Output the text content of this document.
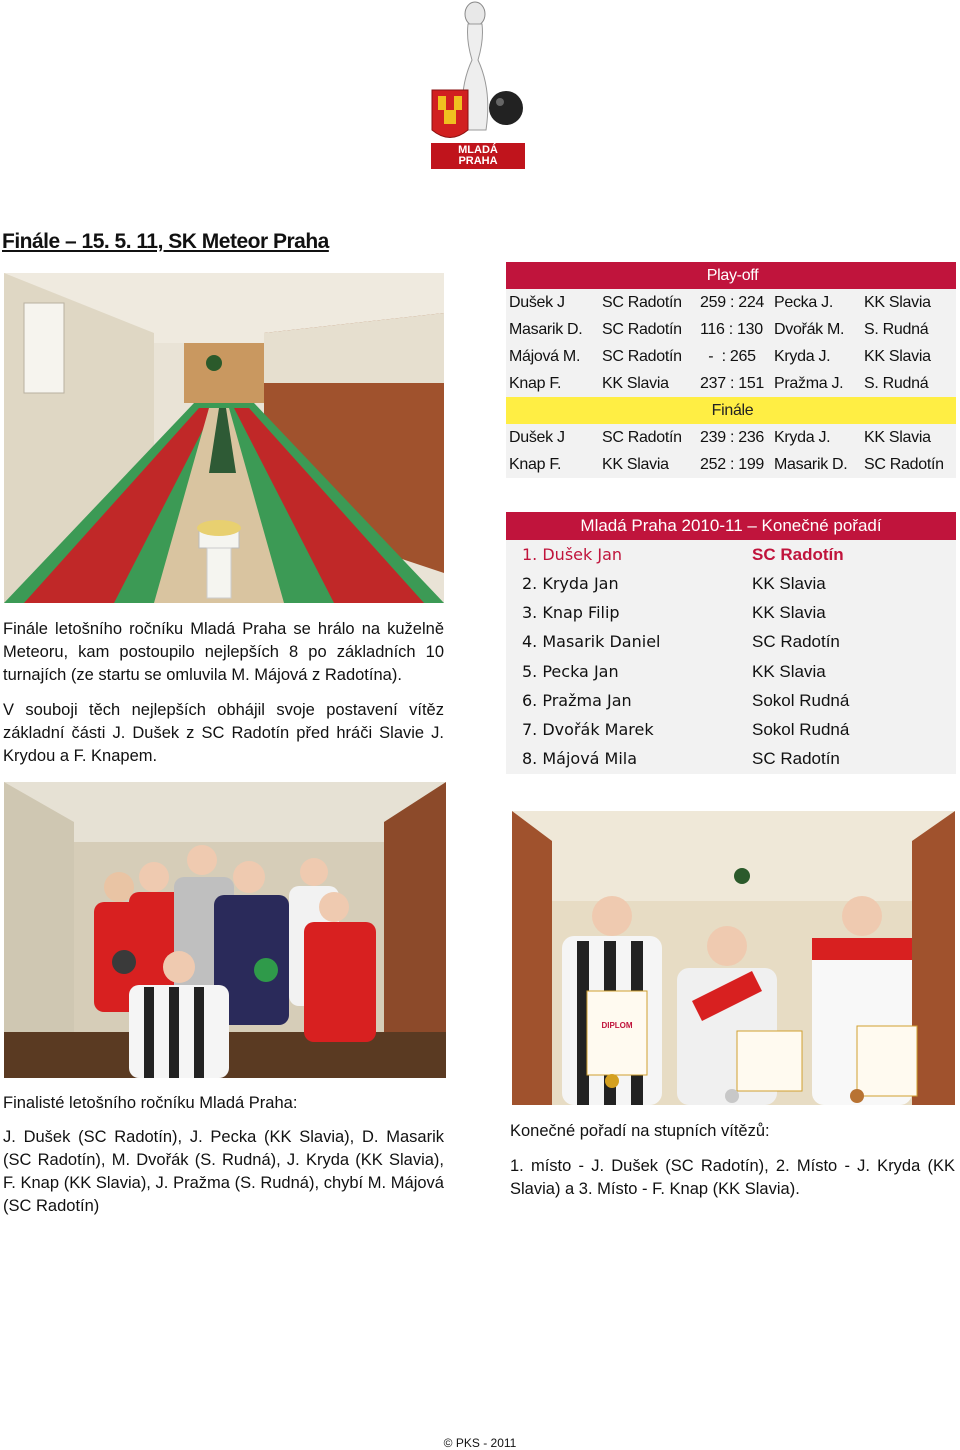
MLADÁ
PRAHA
Finále – 15. 5. 11, SK Meteor Praha
Play-off				
Dušek J	SC Radotín	259 : 224	Pecka J.	KK Slavia
Masarik D.	SC Radotín	116 : 130	Dvořák M.	S. Rudná
Májová M.	SC Radotín	-  : 265	Kryda J.	KK Slavia
Knap F.	KK Slavia	237 : 151	Pražma J.	S. Rudná
Finále				
Dušek J	SC Radotín	239 : 236	Kryda J.	KK Slavia
Knap F.	KK Slavia	252 : 199	Masarik D.	SC Radotín
Mladá Praha 2010-11 – Konečné pořadí
1. Dušek Jan	SC Radotín
2. Kryda Jan	KK Slavia
3. Knap Filip	KK Slavia
4. Masarik Daniel	SC Radotín
5. Pecka Jan	KK Slavia
6. Pražma Jan	Sokol Rudná
7. Dvořák Marek	Sokol Rudná
8. Májová Mila	SC Radotín
Finále letošního ročníku Mladá Praha se hrálo na kuželně Meteoru, kam postoupilo nejlepších 8 po základních 10 turnajích (ze startu se omluvila M. Májová z Radotína).
V souboji těch nejlepších obhájil svoje postavení vítěz základní části J. Dušek z SC Radotín před hráči Slavie J. Krydou a F. Knapem.
DIPLOM
Finalisté letošního ročníku Mladá Praha:
J. Dušek (SC Radotín), J. Pecka (KK Slavia), D. Masarik (SC Radotín), M. Dvořák (S. Rudná), J. Kryda (KK Slavia), F. Knap (KK Slavia), J. Pražma (S. Rudná), chybí M. Májová (SC Radotín)
Konečné pořadí na stupních vítězů:
1. místo - J. Dušek (SC Radotín), 2. Místo - J. Kryda (KK Slavia) a 3. Místo - F. Knap (KK Slavia).
© PKS - 2011
